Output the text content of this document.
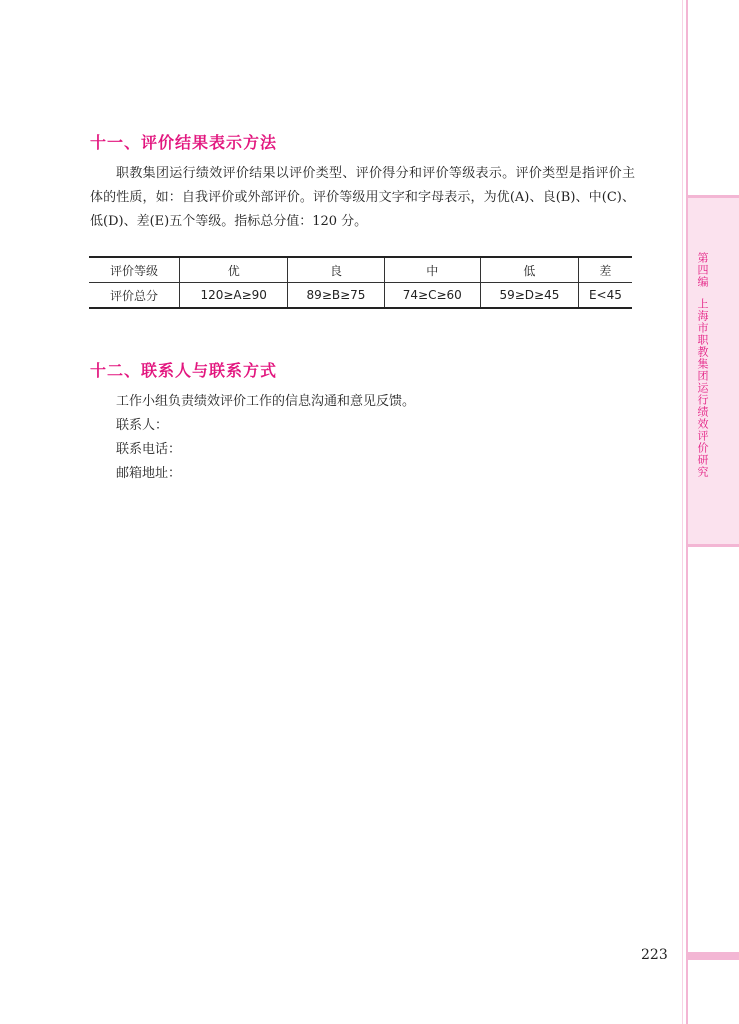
第四编上海市职教集团运行绩效评价研究
十一、评价结果表示方法
职教集团运行绩效评价结果以评价类型、评价得分和评价等级表示。评价类型是指评价主体的性质，如：自我评价或外部评价。评价等级用文字和字母表示，为优(A)、良(B)、中(C)、低(D)、差(E)五个等级。指标总分值：120 分。
评价等级	优	良	中	低	差
评价总分	120≥A≥90	89≥B≥75	74≥C≥60	59≥D≥45	E<45
十二、联系人与联系方式
工作小组负责绩效评价工作的信息沟通和意见反馈。
联系人：
联系电话：
邮箱地址：
223
